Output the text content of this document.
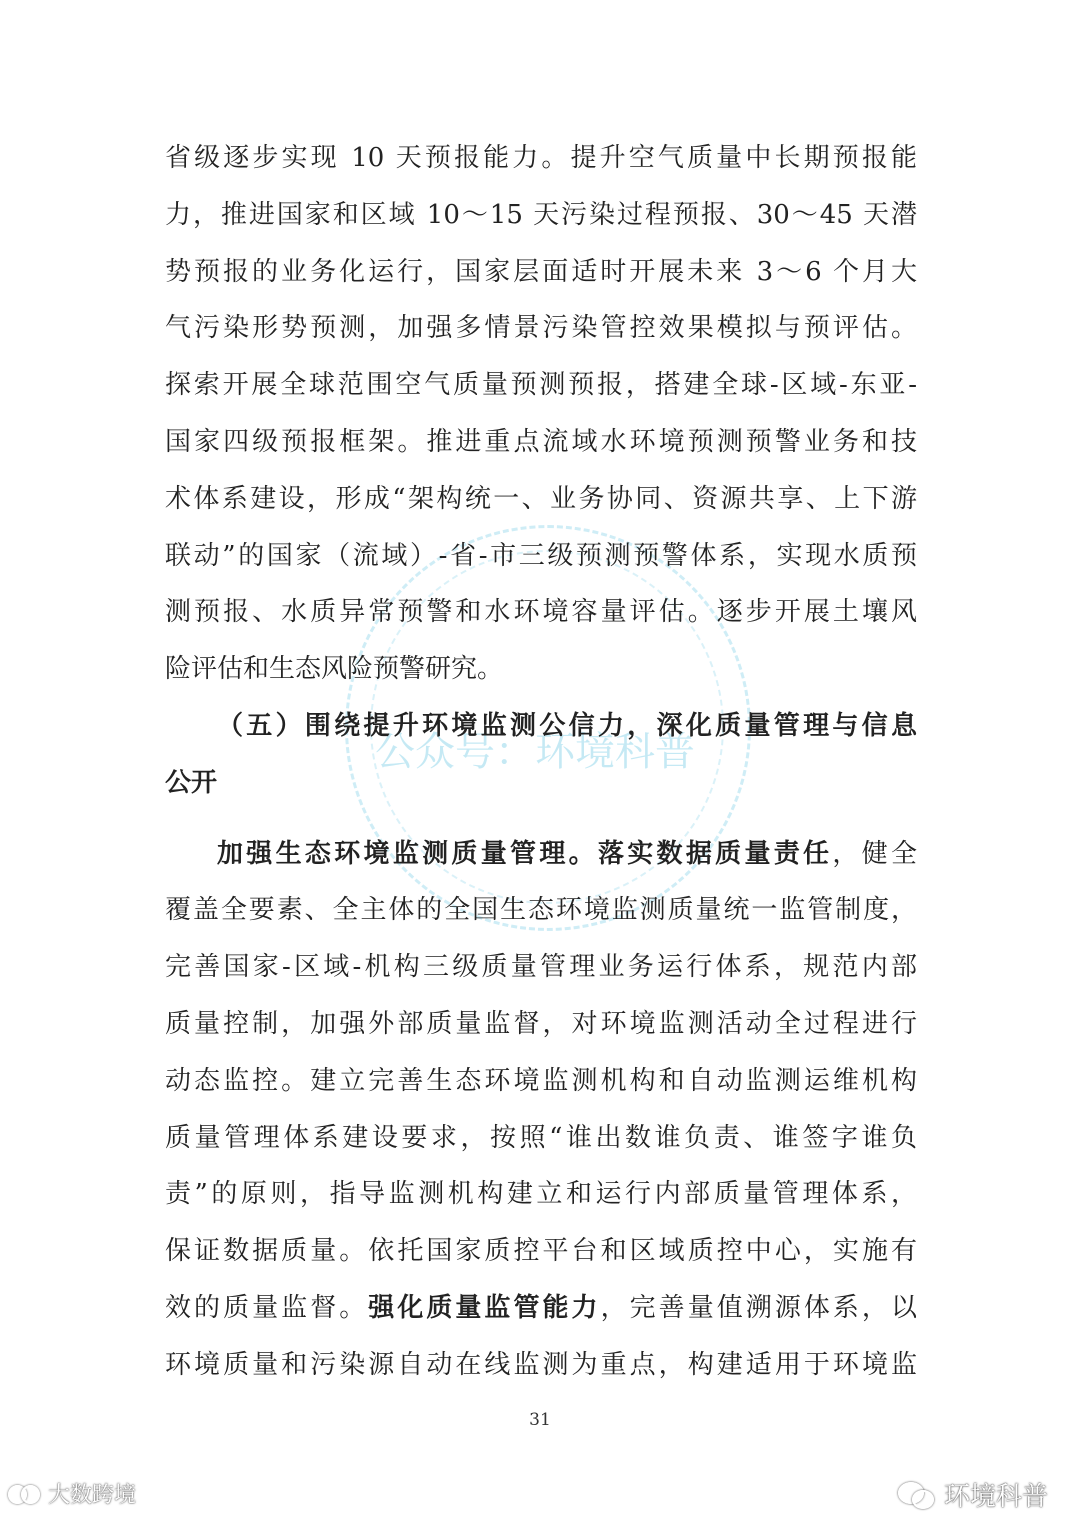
公众号：环境科普
省级逐步实现 10 天预报能力。提升空气质量中长期预报能
力，推进国家和区域 10～15 天污染过程预报、30～45 天潜
势预报的业务化运行，国家层面适时开展未来 3～6 个月大
气污染形势预测，加强多情景污染管控效果模拟与预评估。
探索开展全球范围空气质量预测预报，搭建全球-区域-东亚-
国家四级预报框架。推进重点流域水环境预测预警业务和技
术体系建设，形成“架构统一、业务协同、资源共享、上下游
联动”的国家（流域）-省-市三级预测预警体系，实现水质预
测预报、水质异常预警和水环境容量评估。逐步开展土壤风
险评估和生态风险预警研究。
（五）围绕提升环境监测公信力，深化质量管理与信息
公开
加强生态环境监测质量管理。落实数据质量责任，健全
覆盖全要素、全主体的全国生态环境监测质量统一监管制度，
完善国家-区域-机构三级质量管理业务运行体系，规范内部
质量控制，加强外部质量监督，对环境监测活动全过程进行
动态监控。建立完善生态环境监测机构和自动监测运维机构
质量管理体系建设要求，按照“谁出数谁负责、谁签字谁负
责”的原则，指导监测机构建立和运行内部质量管理体系，
保证数据质量。依托国家质控平台和区域质控中心，实施有
效的质量监督。强化质量监管能力，完善量值溯源体系，以
环境质量和污染源自动在线监测为重点，构建适用于环境监
31
大数跨境	环境科普
